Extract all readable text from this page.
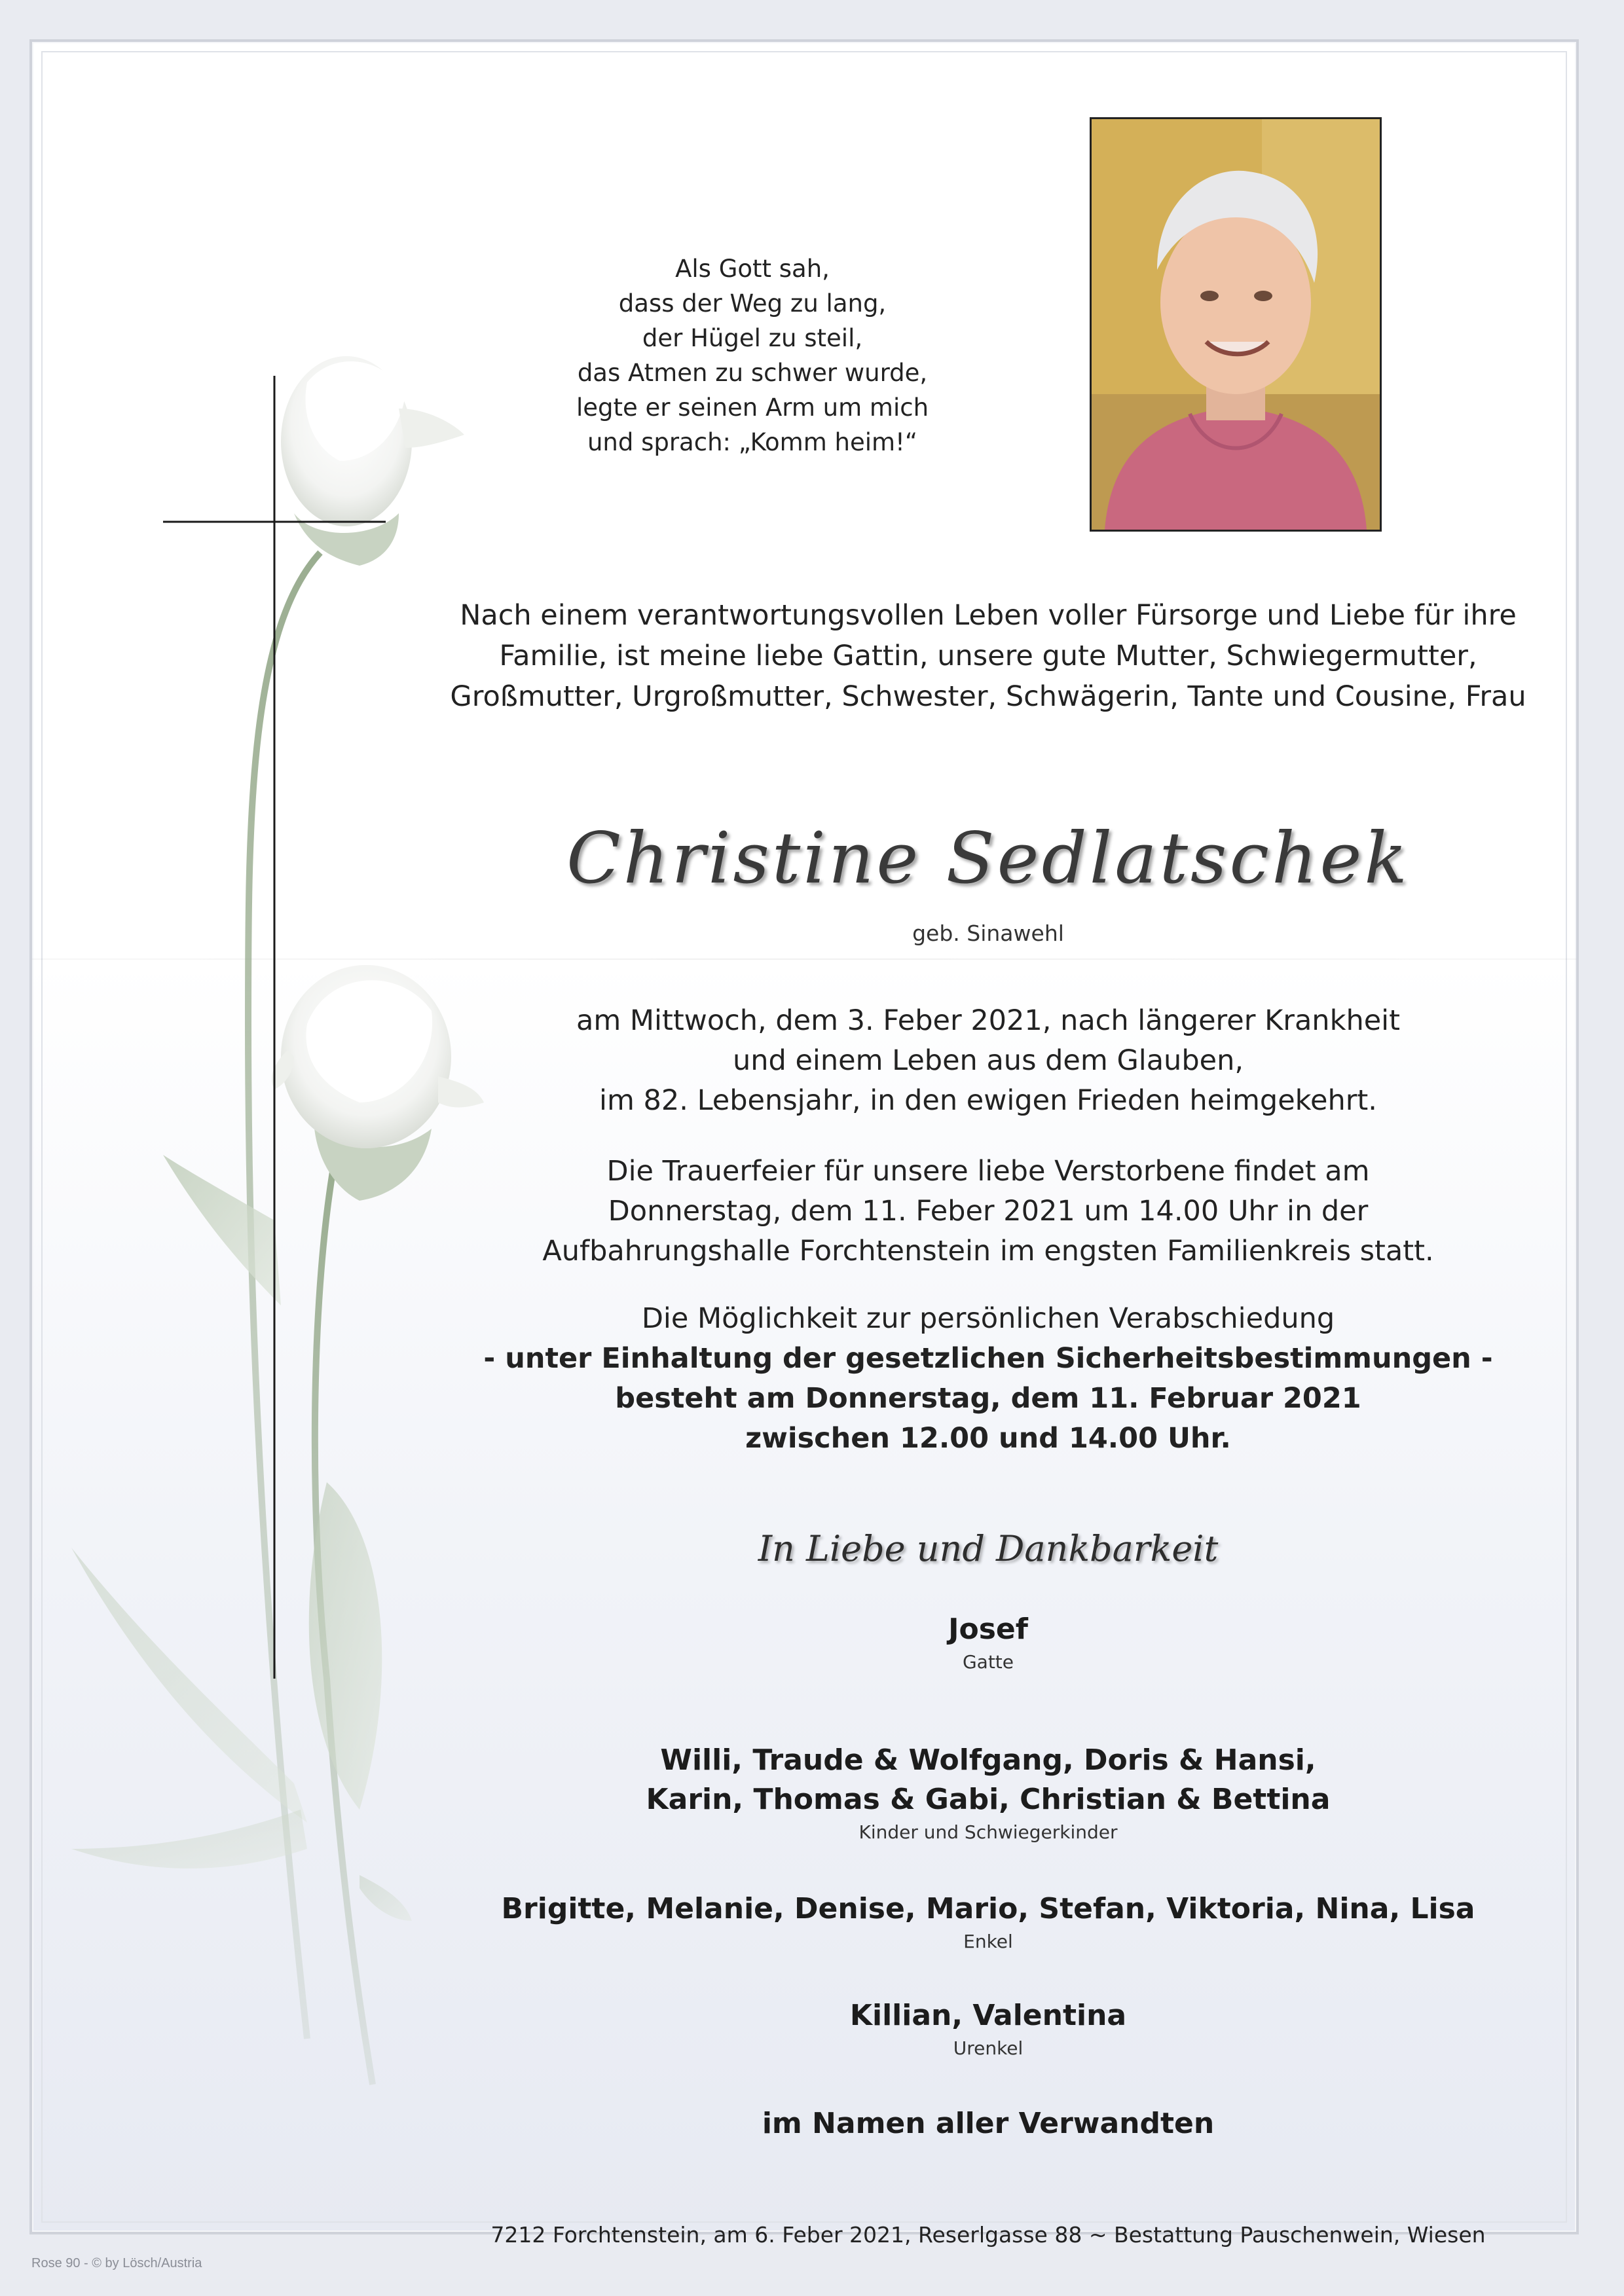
Als Gott sah,
dass der Weg zu lang,
der Hügel zu steil,
das Atmen zu schwer wurde,
legte er seinen Arm um mich
und sprach: „Komm heim!“
Nach einem verantwortungsvollen Leben voller Fürsorge und Liebe für ihre
Familie, ist meine liebe Gattin, unsere gute Mutter, Schwiegermutter,
Großmutter, Urgroßmutter, Schwester, Schwägerin, Tante und Cousine, Frau
Christine Sedlatschek
geb. Sinawehl
am Mittwoch, dem 3. Feber 2021, nach längerer Krankheit
und einem Leben aus dem Glauben,
im 82. Lebensjahr, in den ewigen Frieden heimgekehrt.
Die Trauerfeier für unsere liebe Verstorbene findet am
Donnerstag, dem 11. Feber 2021 um 14.00 Uhr in der
Aufbahrungshalle Forchtenstein im engsten Familienkreis statt.
Die Möglichkeit zur persönlichen Verabschiedung
- unter Einhaltung der gesetzlichen Sicherheitsbestimmungen -
besteht am Donnerstag, dem 11. Februar 2021
zwischen 12.00 und 14.00 Uhr.
In Liebe und Dankbarkeit
Josef
Gatte
Willi, Traude & Wolfgang, Doris & Hansi,
Karin, Thomas & Gabi, Christian & Bettina
Kinder und Schwiegerkinder
Brigitte, Melanie, Denise, Mario, Stefan, Viktoria, Nina, Lisa
Enkel
Killian, Valentina
Urenkel
im Namen aller Verwandten
7212 Forchtenstein, am 6. Feber 2021, Reserlgasse 88 ~ Bestattung Pauschenwein, Wiesen
Rose 90 - © by Lösch/Austria
